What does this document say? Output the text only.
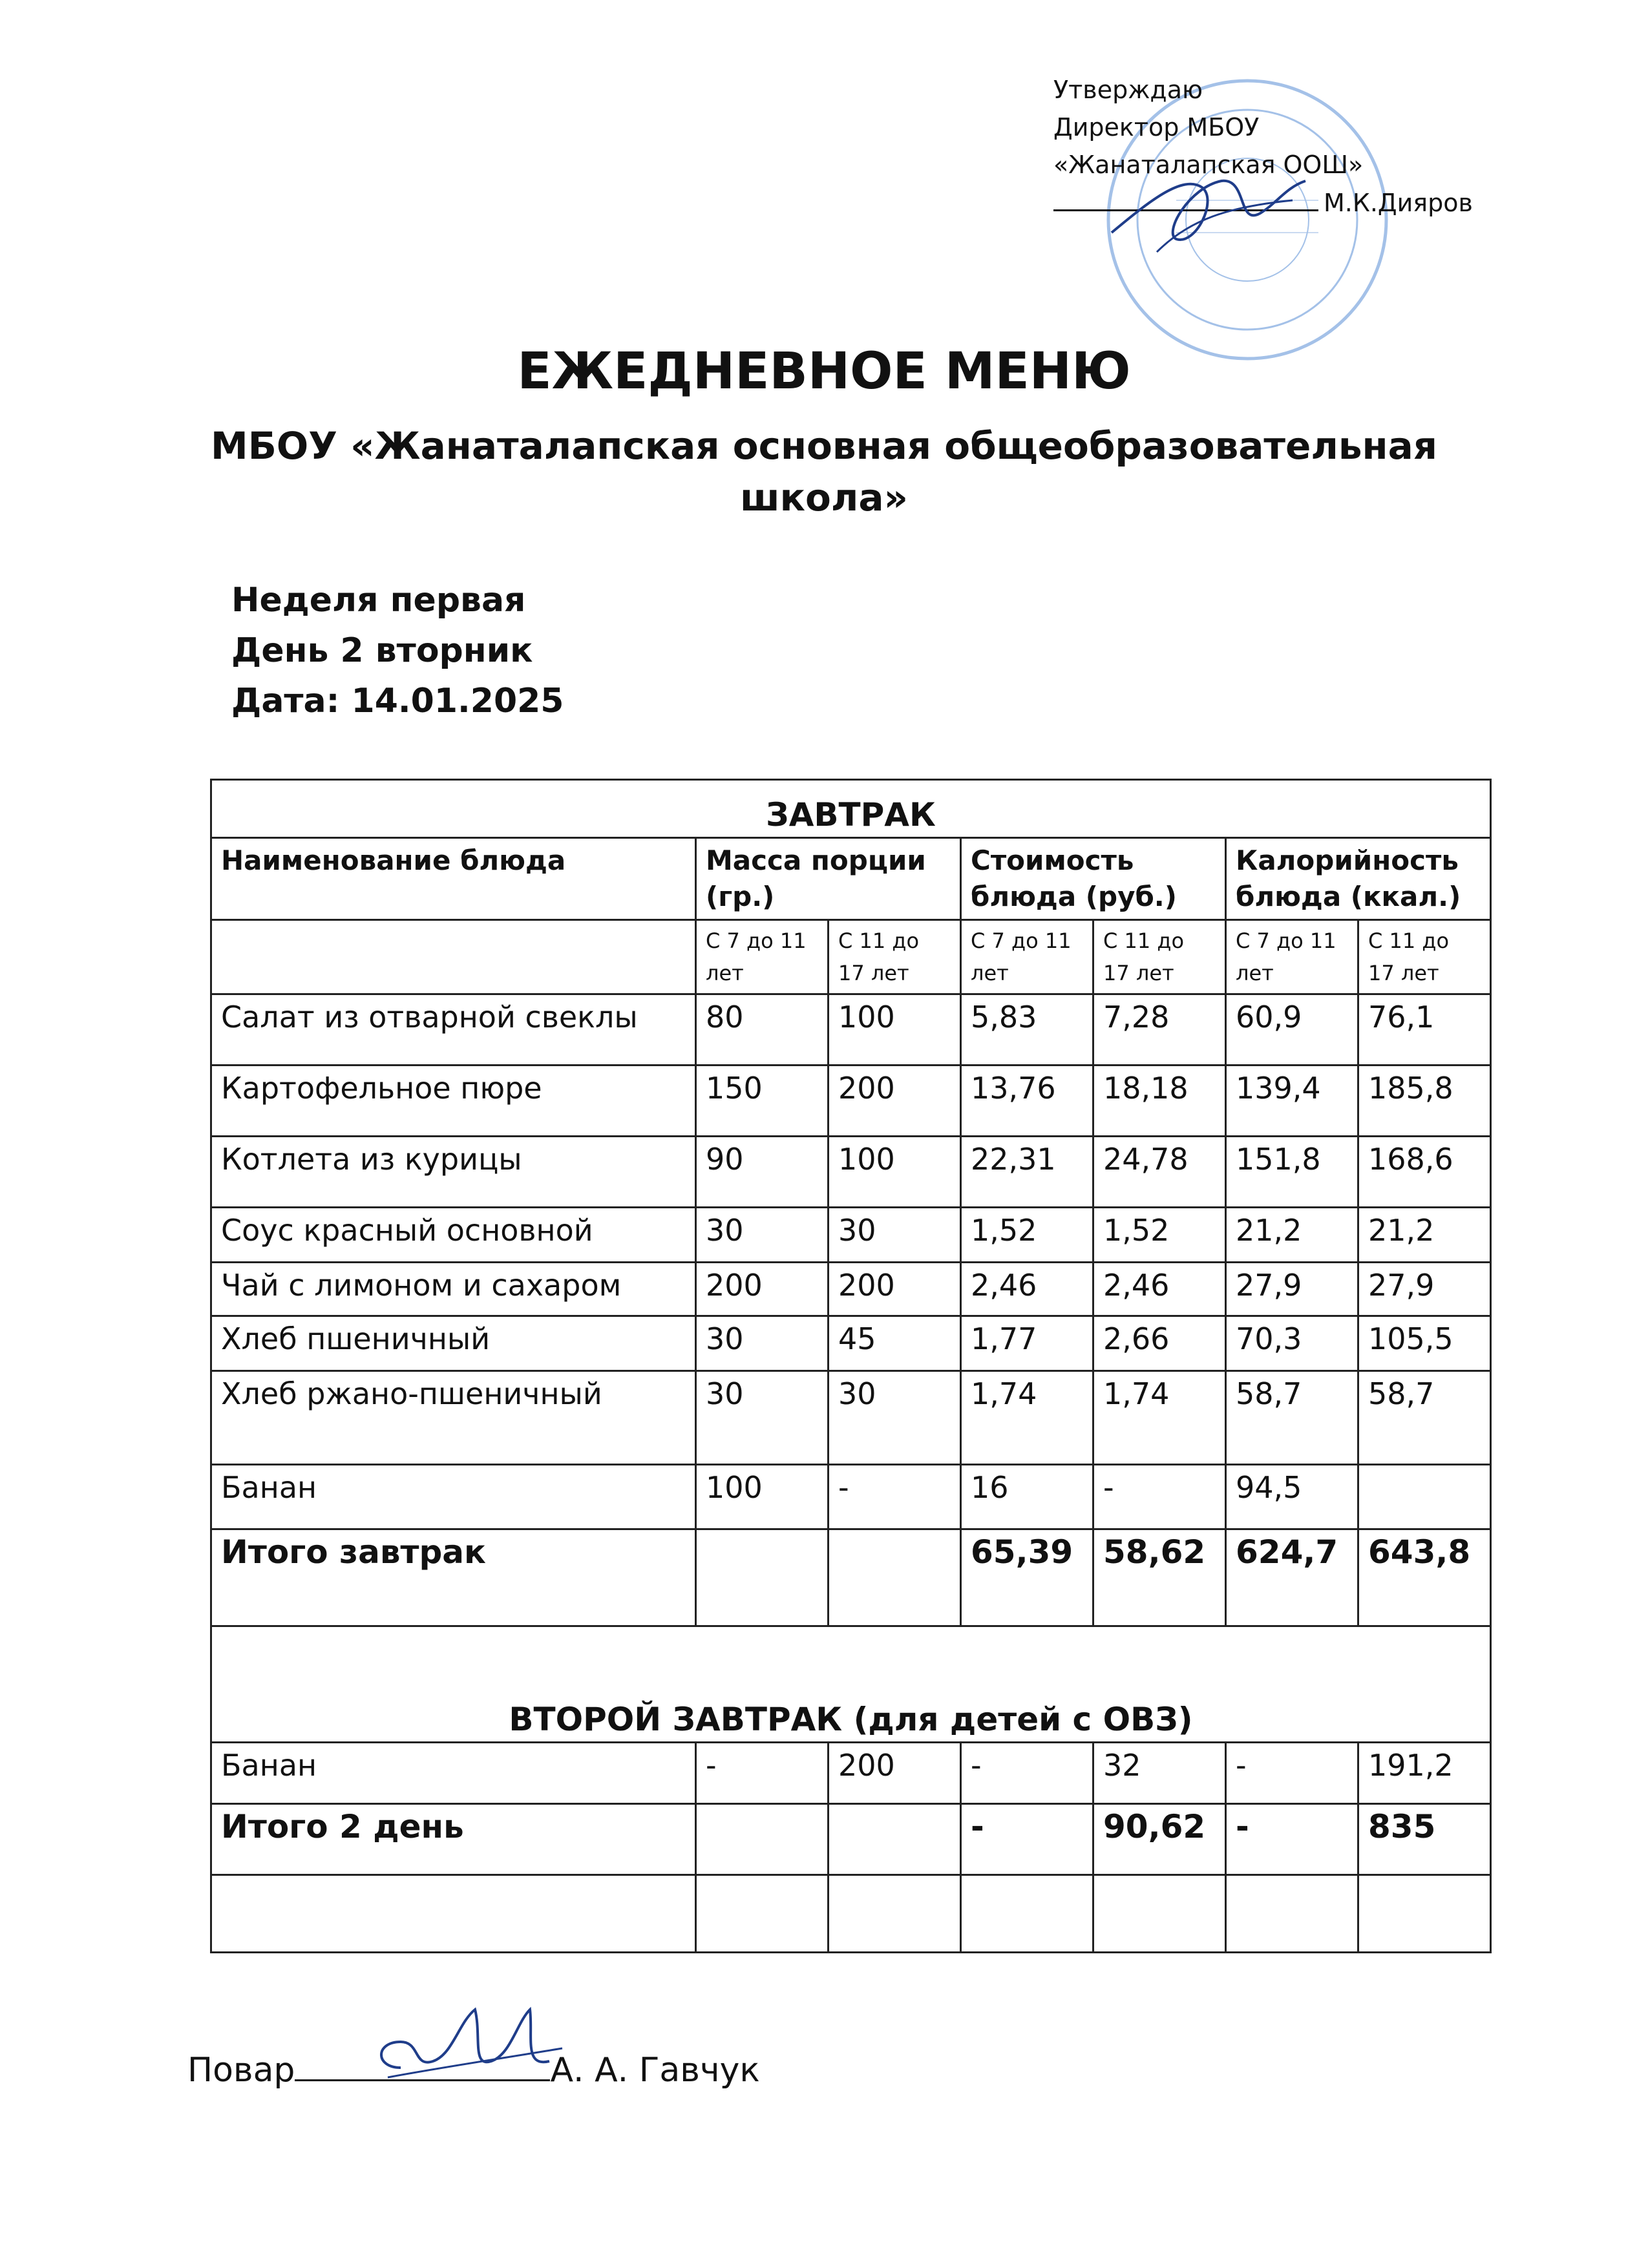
Утверждаю
Директор МБОУ
«Жанаталапская ООШ»
М.К.Дияров
ЕЖЕДНЕВНОЕ МЕНЮ
МБОУ «Жанаталапская основная общеобразовательная
школа»
Неделя первая
День 2 вторник
Дата: 14.01.2025
ЗАВТРАК						
Наименование блюда	Масса порции (гр.)		Стоимость блюда (руб.)		Калорийность блюда (ккал.)	
	С 7 до 11 лет	С 11 до 17 лет	С 7 до 11 лет	С 11 до 17 лет	С 7 до 11 лет	С 11 до 17 лет
Салат из отварной свеклы	80	100	5,83	7,28	60,9	76,1
Картофельное пюре	150	200	13,76	18,18	139,4	185,8
Котлета из курицы	90	100	22,31	24,78	151,8	168,6
Соус красный основной	30	30	1,52	1,52	21,2	21,2
Чай с лимоном и сахаром	200	200	2,46	2,46	27,9	27,9
Хлеб пшеничный	30	45	1,77	2,66	70,3	105,5
Хлеб ржано-пшеничный	30	30	1,74	1,74	58,7	58,7
Банан	100	-	16	-	94,5	
Итого завтрак			65,39	58,62	624,7	643,8
ВТОРОЙ ЗАВТРАК (для детей с ОВЗ)						
Банан	-	200	-	32	-	191,2
Итого 2 день			-	90,62	-	835

Повар	А. А. Гавчук
